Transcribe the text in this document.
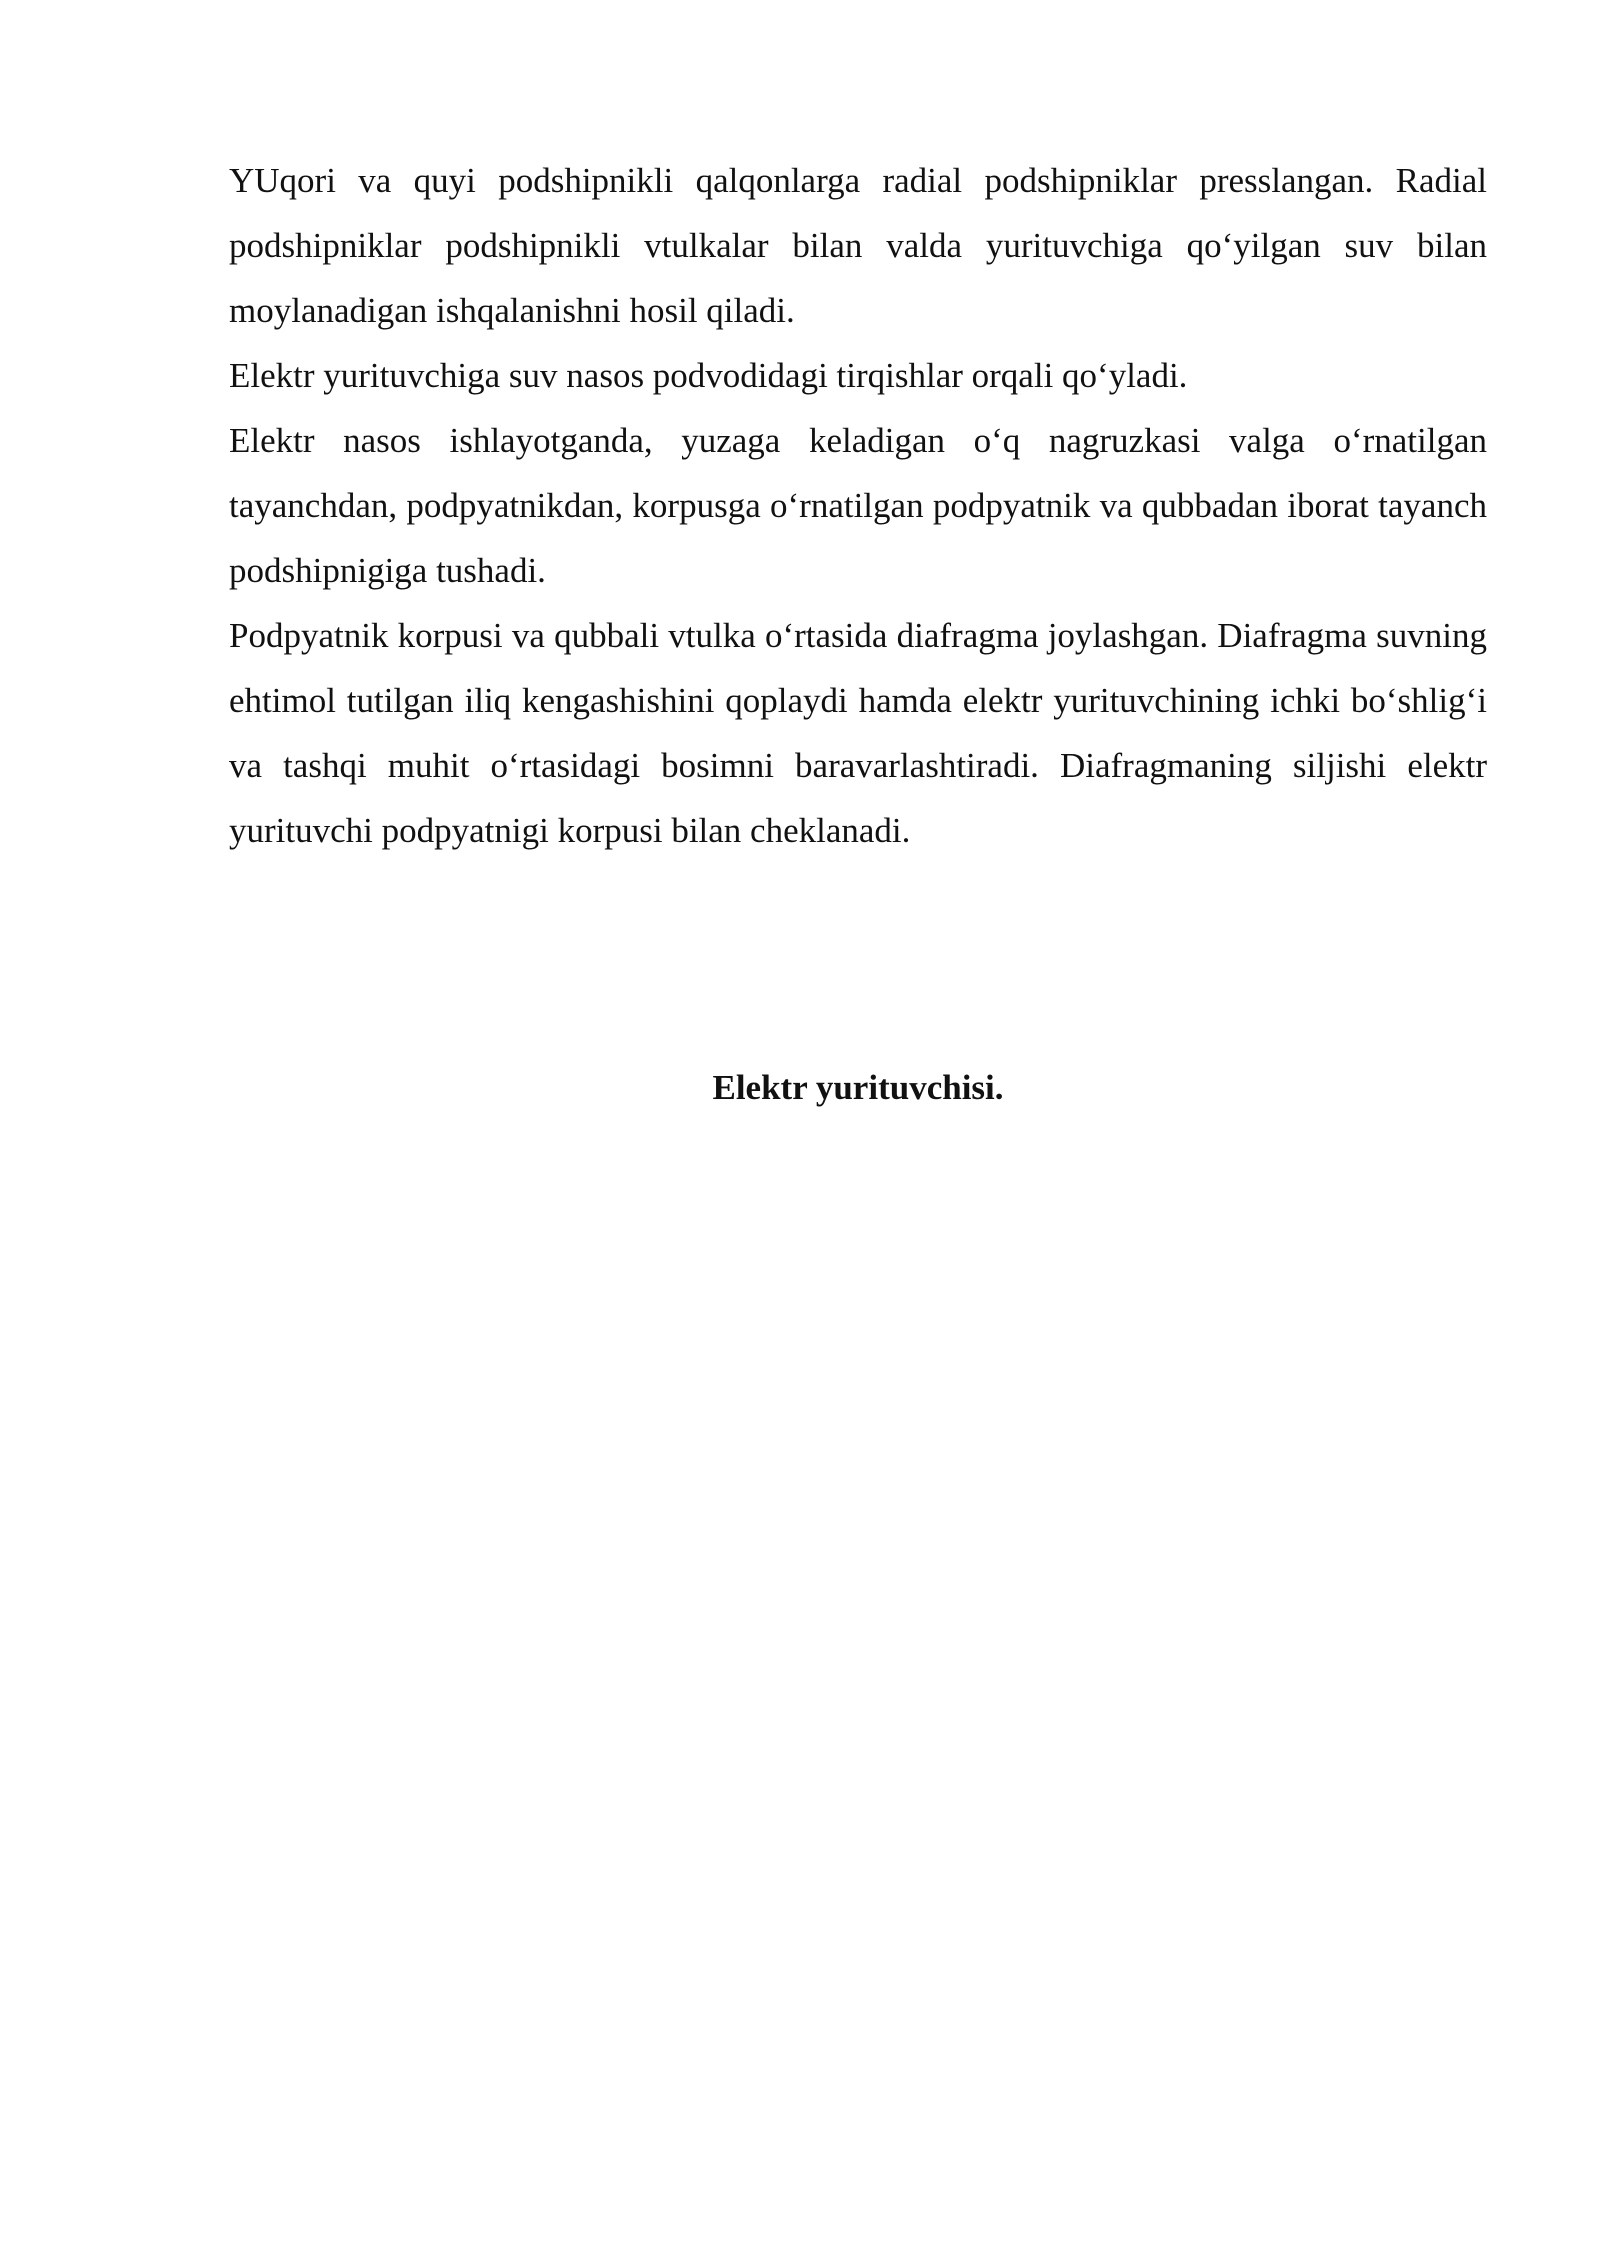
YUqori va quyi podshipnikli qalqonlarga radial podshipniklar presslangan. Radial podshipniklar podshipnikli vtulkalar bilan valda yurituvchiga qo‘yilgan suv bilan moylanadigan ishqalanishni hosil qiladi.

Elektr yurituvchiga suv nasos podvodidagi tirqishlar orqali qo‘yladi.

Elektr nasos ishlayotganda, yuzaga keladigan o‘q nagruzkasi valga o‘rnatilgan tayanchdan, podpyatnikdan, korpusga o‘rnatilgan podpyatnik va qubbadan iborat tayanch podshipnigiga tushadi.

Podpyatnik korpusi va qubbali vtulka o‘rtasida diafragma joylashgan. Diafragma suvning ehtimol tutilgan iliq kengashishini qoplaydi hamda elektr yurituvchining ichki bo‘shlig‘i va tashqi muhit o‘rtasidagi bosimni baravarlashtiradi. Diafragmaning siljishi elektr yurituvchi podpyatnigi korpusi bilan cheklanadi.

Elektr yurituvchisi.
